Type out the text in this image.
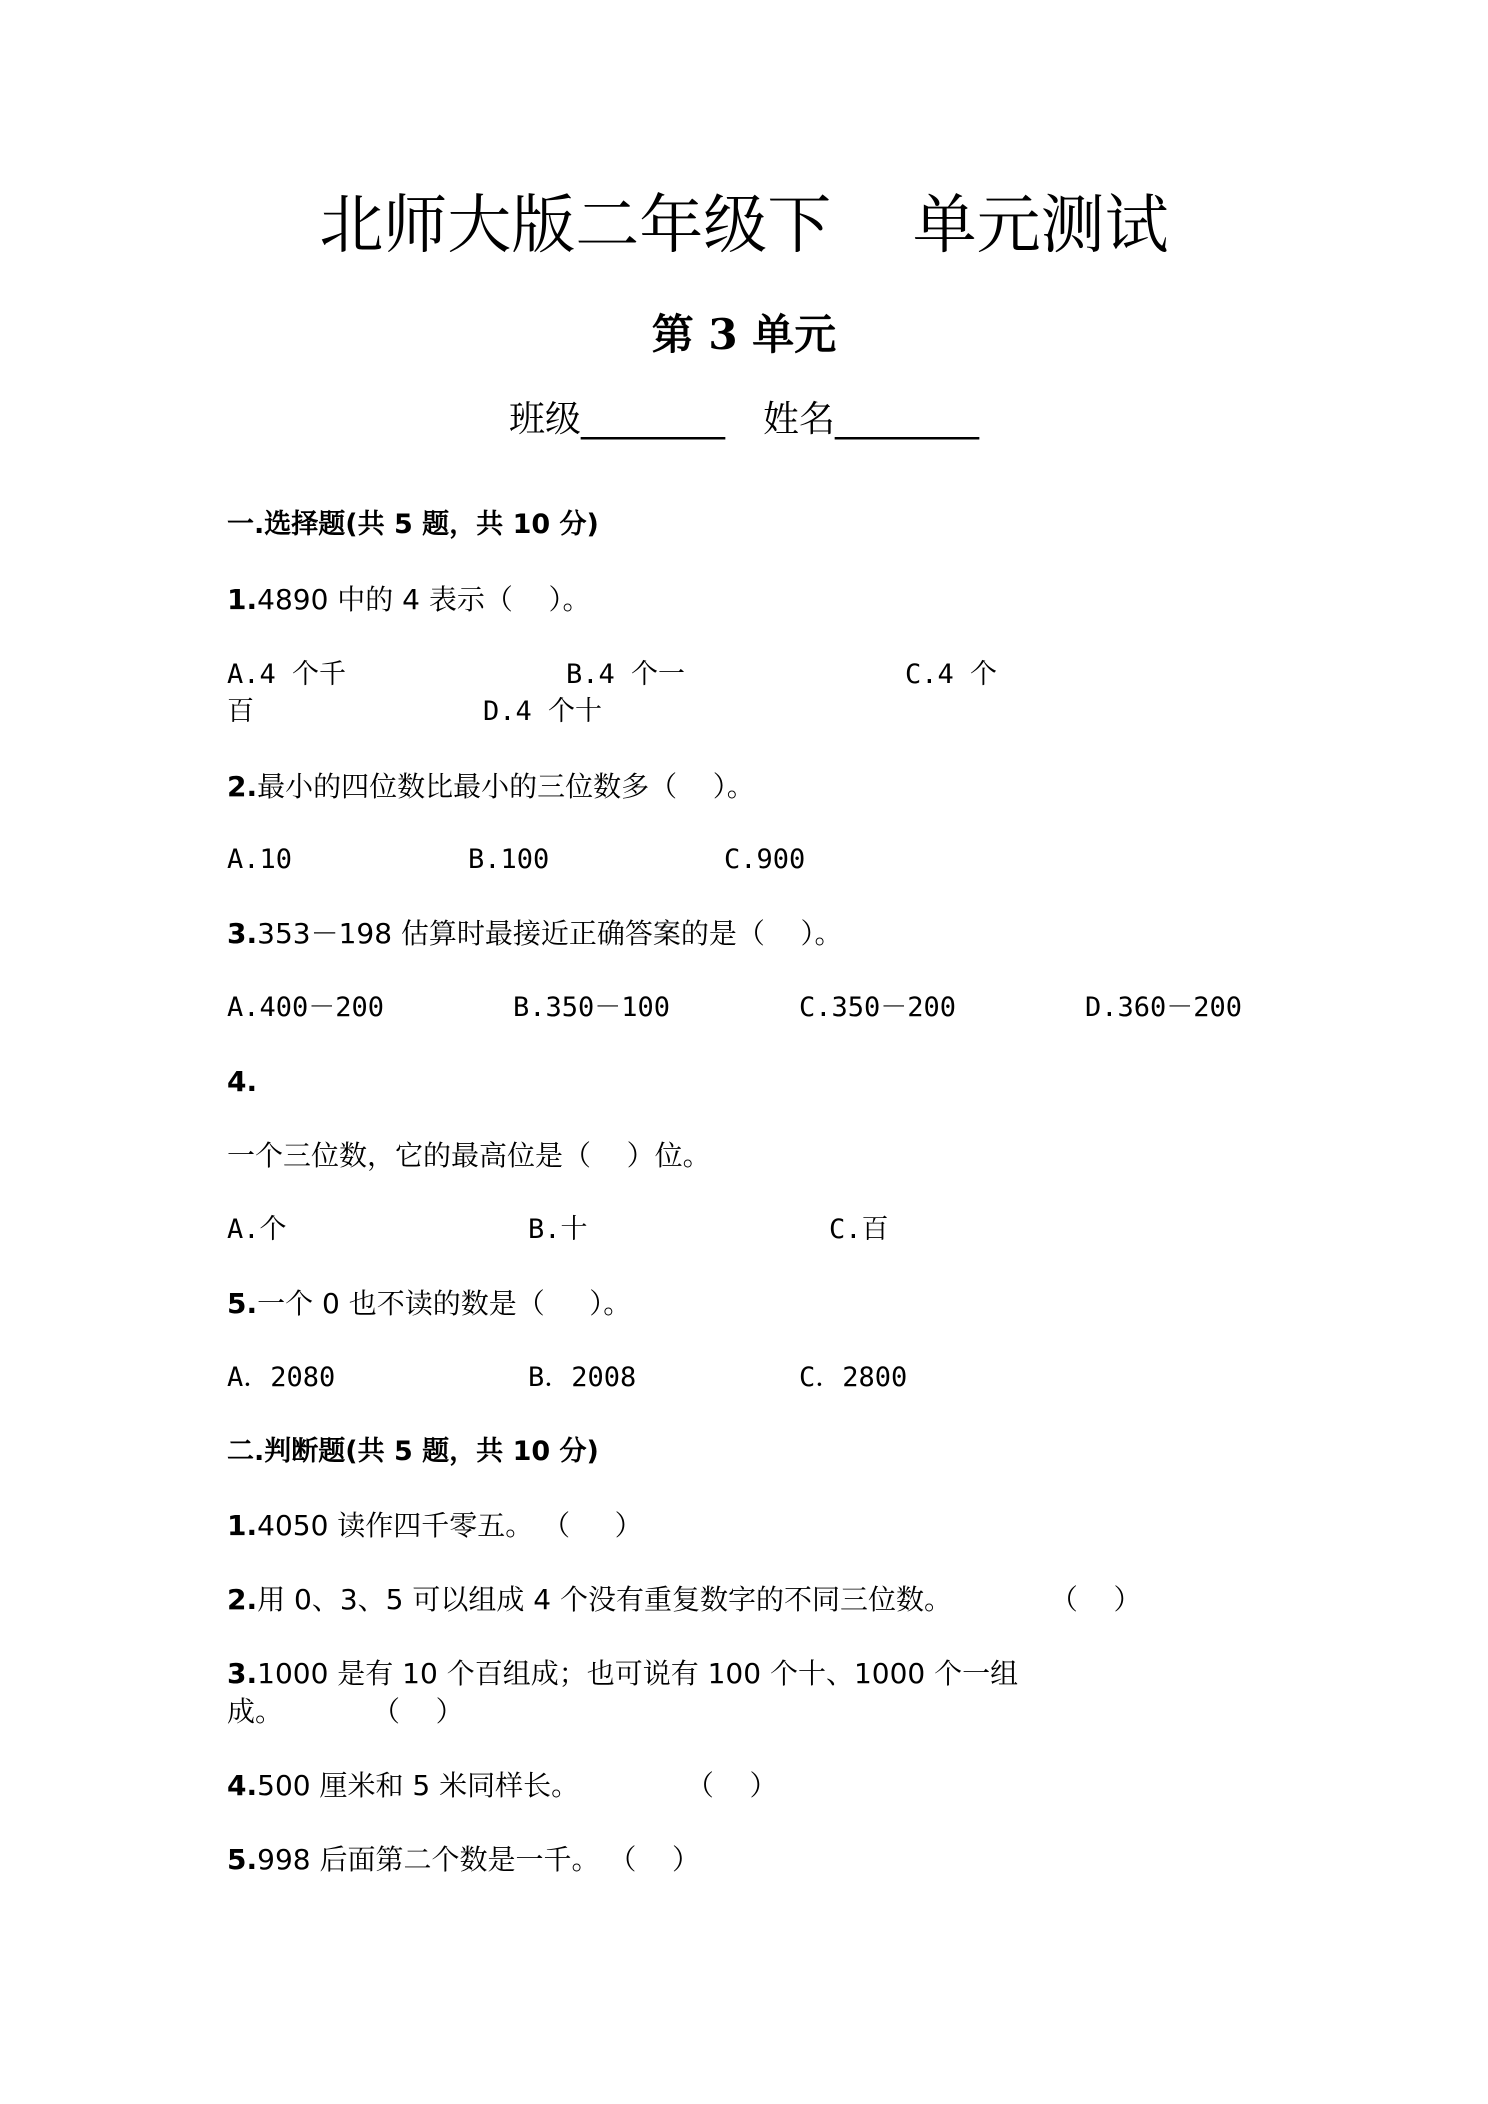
北师大版二年级下    单元测试
第 3 单元
班级________ 姓名________
一.选择题(共 5 题，共 10 分)
1.4890 中的 4 表示（    ）。
A.4 个千	B.4 个一	C.4 个
百	D.4 个十
2.最小的四位数比最小的三位数多（    ）。
A.10	B.100	C.900
3.353－198 估算时最接近正确答案的是（    ）。
A.400－200	B.350－100	C.350－200	D.360－200
4.
一个三位数，它的最高位是（    ）位。
A.个	B.十	C.百
5.一个 0 也不读的数是（     ）。
A．2080	B．2008	C．2800
二.判断题(共 5 题，共 10 分)
1.4050 读作四千零五。 （     ）
2.用 0、3、5 可以组成 4 个没有重复数字的不同三位数。           （    ）
3.1000 是有 10 个百组成；也可说有 100 个十、1000 个一组
成。          （    ）
4.500 厘米和 5 米同样长。            （    ）
5.998 后面第二个数是一千。 （    ）
